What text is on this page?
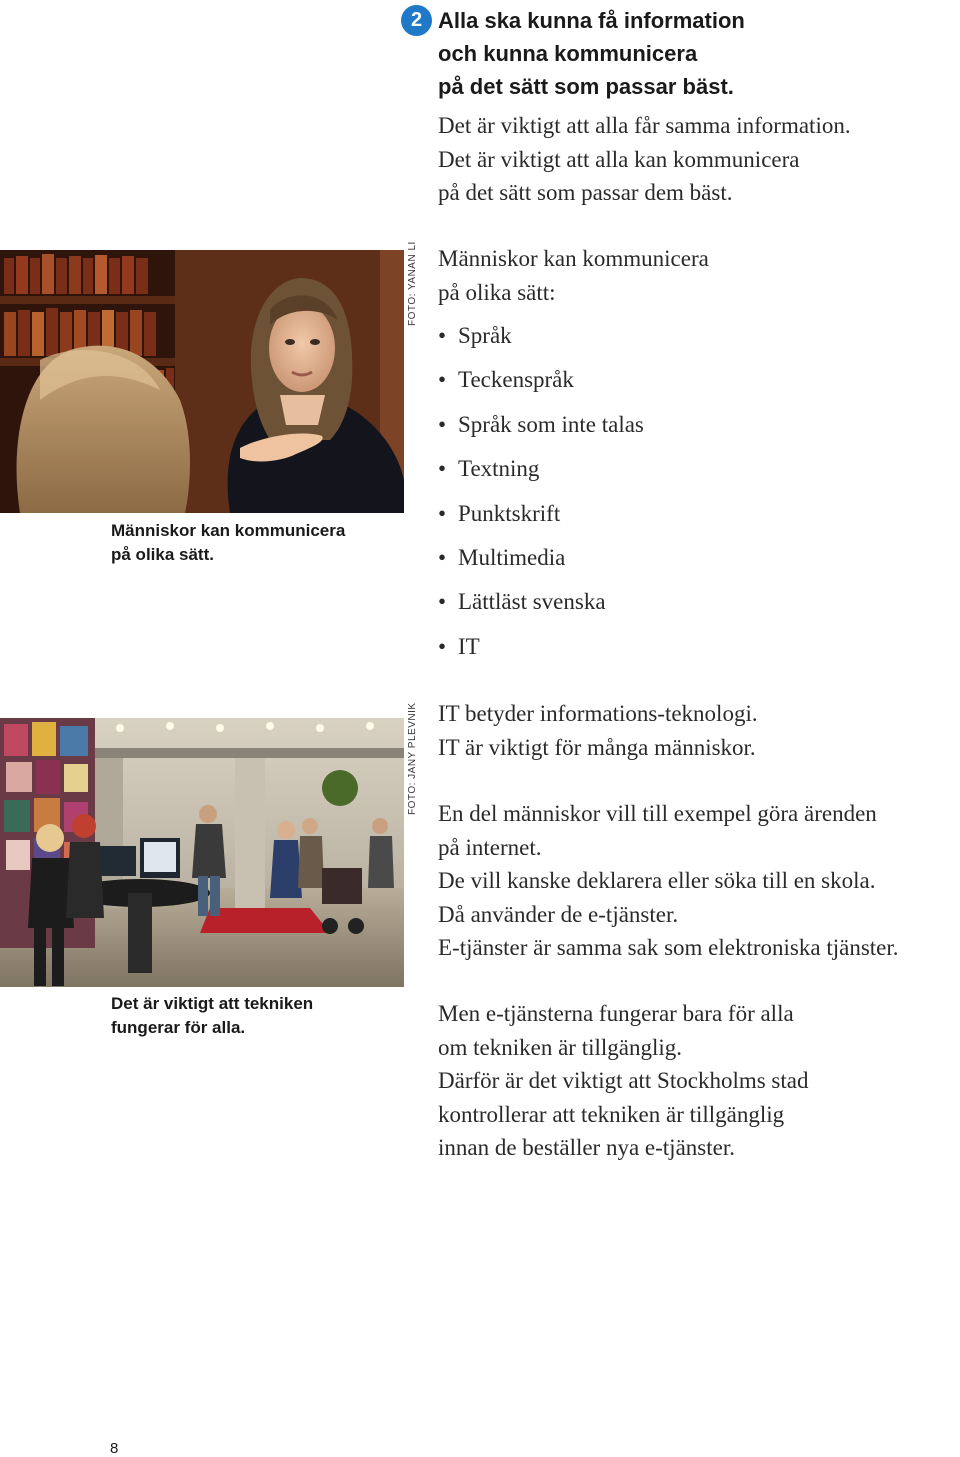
2 Alla ska kunna få information
och kunna kommunicera
på det sätt som passar bäst.
Det är viktigt att alla får samma information.
Det är viktigt att alla kan kommunicera
på det sätt som passar dem bäst.
FOTO: YANAN LI
Människor kan kommunicera
på olika sätt.
Människor kan kommunicera
på olika sätt:
• Språk
• Teckenspråk
• Språk som inte talas
• Textning
• Punktskrift
• Multimedia
• Lättläst svenska
• IT
FOTO: JANY PLEVNIK
Det är viktigt att tekniken
fungerar för alla.
IT betyder informations-teknologi.
IT är viktigt för många människor.
En del människor vill till exempel göra ärenden
på internet.
De vill kanske deklarera eller söka till en skola.
Då använder de e-tjänster.
E-tjänster är samma sak som elektroniska tjänster.
Men e-tjänsterna fungerar bara för alla
om tekniken är tillgänglig.
Därför är det viktigt att Stockholms stad
kontrollerar att tekniken är tillgänglig
innan de beställer nya e-tjänster.
8
